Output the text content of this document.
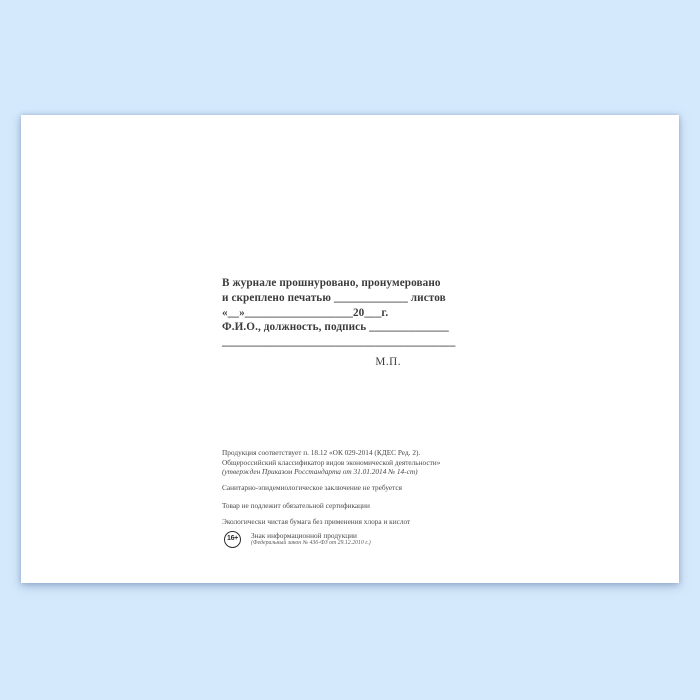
В журнале прошнуровано, пронумеровано
и скреплено печатью _____________ листов
«__»___________________20___г.
Ф.И.О., должность, подпись ______________
_________________________________________
М.П.

Продукция соответствует п. 18.12 «ОК 029-2014 (КДЕС Ред. 2).

Общероссийский классификатор видов экономической деятельности»

(утвержден Приказом Росстандарта от 31.01.2014 № 14-ст)

Санитарно-эпидемиологическое заключение не требуется

Товар не подлежит обязательной сертификации

Экологически чистая бумага без применения хлора и кислот

16+	Знак информационной продукции

(Федеральный закон № 436-ФЗ от 29.12.2010 г.)
